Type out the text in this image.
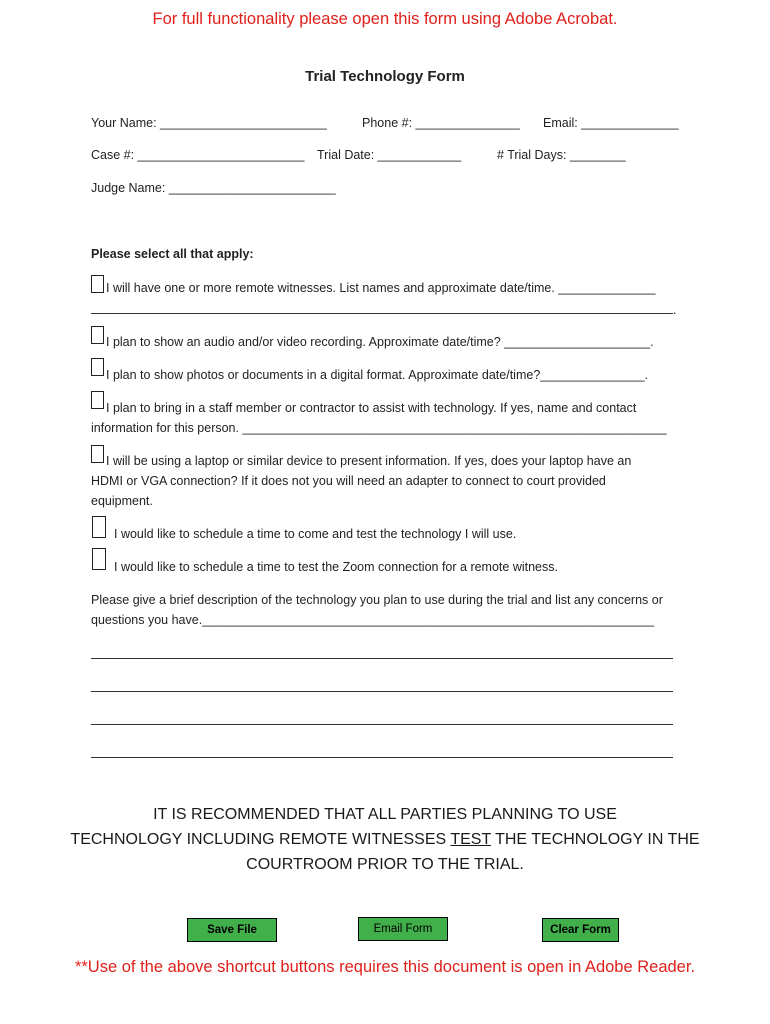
For full functionality please open this form using Adobe Acrobat.
Trial Technology Form
Your Name: ________________________	Phone #: _______________ Email: ______________
Case #: ________________________ Trial Date: ____________	# Trial Days: ________
Judge Name: ________________________
Please select all that apply:
I will have one or more remote witnesses. List names and approximate date/time. ______________
.
I plan to show an audio and/or video recording. Approximate date/time? _____________________.
I plan to show photos or documents in a digital format. Approximate date/time?_______________.
I plan to bring in a staff member or contractor to assist with technology. If yes, name and contact
information for this person. _____________________________________________________________
I will be using a laptop or similar device to present information. If yes, does your laptop have an
HDMI or VGA connection? If it does not you will need an adapter to connect to court provided
equipment.
I would like to schedule a time to come and test the technology I will use.
I would like to schedule a time to test the Zoom connection for a remote witness.
Please give a brief description of the technology you plan to use during the trial and list any concerns or
questions you have._________________________________________________________________
IT IS RECOMMENDED THAT ALL PARTIES PLANNING TO USE
TECHNOLOGY INCLUDING REMOTE WITNESSES TEST THE TECHNOLOGY IN THE
COURTROOM PRIOR TO THE TRIAL.
Save File	Email Form	Clear Form
**Use of the above shortcut buttons requires this document is open in Adobe Reader.
